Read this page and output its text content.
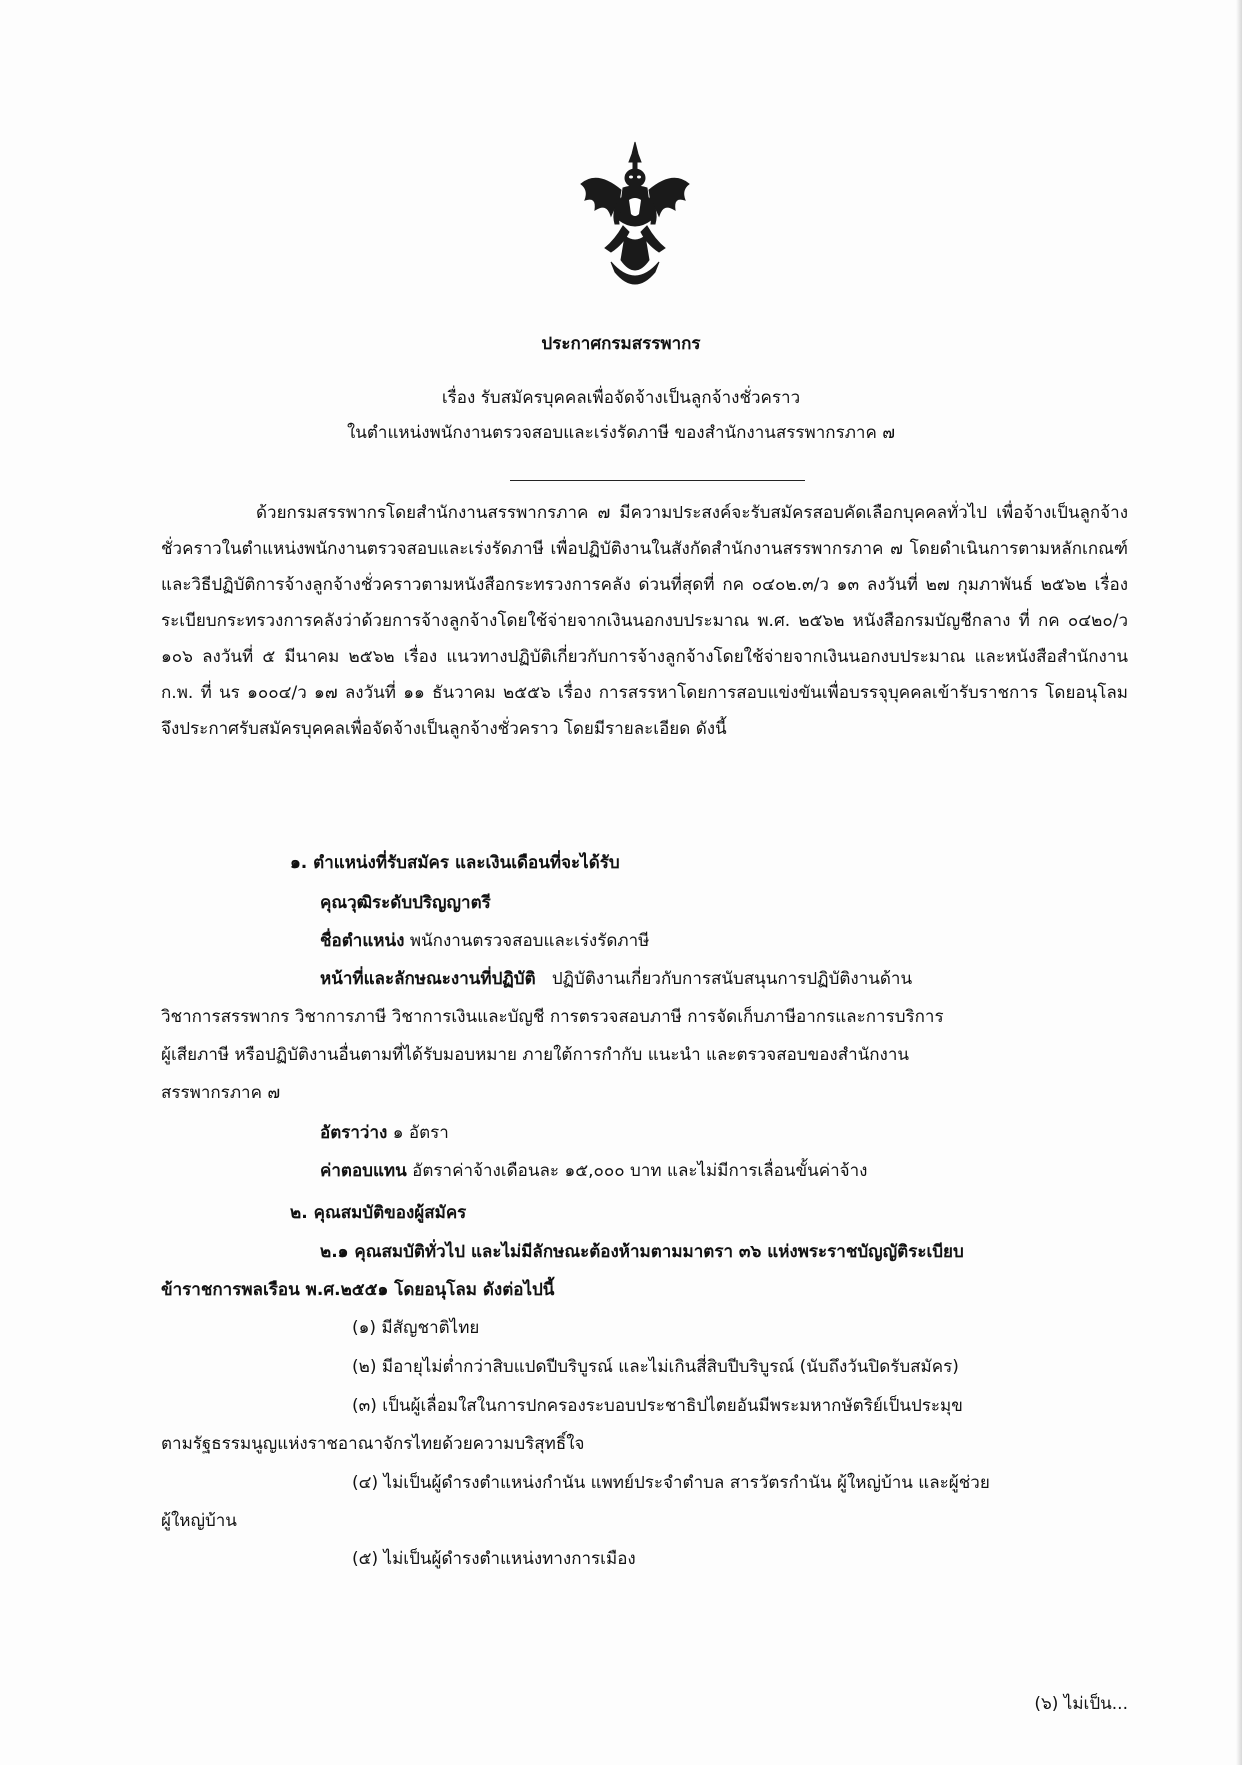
ประกาศกรมสรรพากร
เรื่อง รับสมัครบุคคลเพื่อจัดจ้างเป็นลูกจ้างชั่วคราว
ในตำแหน่งพนักงานตรวจสอบและเร่งรัดภาษี ของสำนักงานสรรพากรภาค ๗
ด้วยกรมสรรพากรโดยสำนักงานสรรพากรภาค ๗ มีความประสงค์จะรับสมัครสอบคัดเลือกบุคคลทั่วไป เพื่อจ้างเป็นลูกจ้างชั่วคราวในตำแหน่งพนักงานตรวจสอบและเร่งรัดภาษี เพื่อปฏิบัติงานในสังกัดสำนักงานสรรพากรภาค ๗ โดยดำเนินการตามหลักเกณฑ์และวิธีปฏิบัติการจ้างลูกจ้างชั่วคราวตามหนังสือกระทรวงการคลัง ด่วนที่สุดที่ กค ๐๔๐๒.๓/ว ๑๓ ลงวันที่ ๒๗ กุมภาพันธ์ ๒๕๖๒ เรื่อง ระเบียบกระทรวงการคลังว่าด้วยการจ้างลูกจ้างโดยใช้จ่ายจากเงินนอกงบประมาณ พ.ศ. ๒๕๖๒ หนังสือกรมบัญชีกลาง ที่ กค ๐๔๒๐/ว ๑๐๖ ลงวันที่ ๕ มีนาคม ๒๕๖๒ เรื่อง แนวทางปฏิบัติเกี่ยวกับการจ้างลูกจ้างโดยใช้จ่ายจากเงินนอกงบประมาณ และหนังสือสำนักงาน ก.พ. ที่ นร ๑๐๐๔/ว ๑๗ ลงวันที่ ๑๑ ธันวาคม ๒๕๕๖ เรื่อง การสรรหาโดยการสอบแข่งขันเพื่อบรรจุบุคคลเข้ารับราชการ โดยอนุโลม จึงประกาศรับสมัครบุคคลเพื่อจัดจ้างเป็นลูกจ้างชั่วคราว โดยมีรายละเอียด ดังนี้
๑. ตำแหน่งที่รับสมัคร และเงินเดือนที่จะได้รับ
คุณวุฒิระดับปริญญาตรี
ชื่อตำแหน่ง พนักงานตรวจสอบและเร่งรัดภาษี
หน้าที่และลักษณะงานที่ปฏิบัติ ปฏิบัติงานเกี่ยวกับการสนับสนุนการปฏิบัติงานด้าน
วิชาการสรรพากร วิชาการภาษี วิชาการเงินและบัญชี การตรวจสอบภาษี การจัดเก็บภาษีอากรและการบริการ
ผู้เสียภาษี หรือปฏิบัติงานอื่นตามที่ได้รับมอบหมาย ภายใต้การกำกับ แนะนำ และตรวจสอบของสำนักงาน
สรรพากรภาค ๗
อัตราว่าง ๑ อัตรา
ค่าตอบแทน อัตราค่าจ้างเดือนละ ๑๕,๐๐๐ บาท และไม่มีการเลื่อนขั้นค่าจ้าง
๒. คุณสมบัติของผู้สมัคร
๒.๑ คุณสมบัติทั่วไป และไม่มีลักษณะต้องห้ามตามมาตรา ๓๖ แห่งพระราชบัญญัติระเบียบ
ข้าราชการพลเรือน พ.ศ.๒๕๕๑ โดยอนุโลม ดังต่อไปนี้
(๑) มีสัญชาติไทย
(๒) มีอายุไม่ต่ำกว่าสิบแปดปีบริบูรณ์ และไม่เกินสี่สิบปีบริบูรณ์ (นับถึงวันปิดรับสมัคร)
(๓) เป็นผู้เลื่อมใสในการปกครองระบอบประชาธิปไตยอันมีพระมหากษัตริย์เป็นประมุข
ตามรัฐธรรมนูญแห่งราชอาณาจักรไทยด้วยความบริสุทธิ์ใจ
(๔) ไม่เป็นผู้ดำรงตำแหน่งกำนัน แพทย์ประจำตำบล สารวัตรกำนัน ผู้ใหญ่บ้าน และผู้ช่วย
ผู้ใหญ่บ้าน
(๕) ไม่เป็นผู้ดำรงตำแหน่งทางการเมือง
(๖) ไม่เป็น...
